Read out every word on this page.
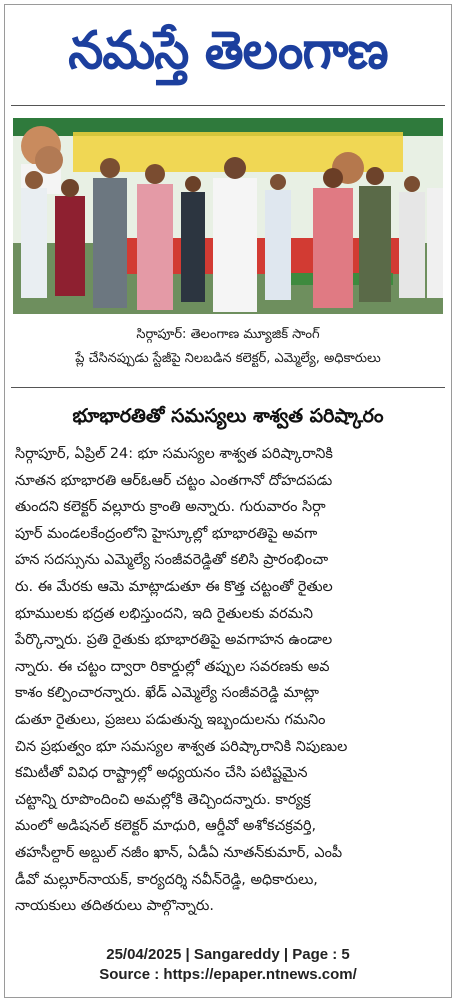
నమస్తే తెలంగాణ
సిర్గాపూర్: తెలంగాణ మ్యూజిక్ సాంగ్
ప్లే చేసినప్పుడు స్టేజీపై నిలబడిన కలెక్టర్, ఎమ్మెల్యే, అధికారులు
భూభారతితో సమస్యలు శాశ్వత పరిష్కారం
సిర్గాపూర్, ఏప్రిల్ 24: భూ సమస్యల శాశ్వత పరిష్కారానికి
నూతన భూభారతి ఆర్ఓఆర్ చట్టం ఎంతగానో దోహదపడు
తుందని కలెక్టర్ వల్లూరు క్రాంతి అన్నారు. గురువారం సిర్గా
పూర్ మండలకేంద్రంలోని హైస్కూల్లో భూభారతిపై అవగా
హన సదస్సును ఎమ్మెల్యే సంజీవరెడ్డితో కలిసి ప్రారంభించా
రు. ఈ మేరకు ఆమె మాట్లాడుతూ ఈ కొత్త చట్టంతో రైతుల
భూములకు భద్రత లభిస్తుందని, ఇది రైతులకు వరమని
పేర్కొన్నారు. ప్రతి రైతుకు భూభారతిపై అవగాహన ఉండాల
న్నారు. ఈ చట్టం ద్వారా రికార్డుల్లో తప్పుల సవరణకు అవ
కాశం కల్పించారన్నారు. ఖేడ్ ఎమ్మెల్యే సంజీవరెడ్డి మాట్లా
డుతూ రైతులు, ప్రజలు పడుతున్న ఇబ్బందులను గమనిం
చిన ప్రభుత్వం భూ సమస్యల శాశ్వత పరిష్కారానికి నిపుణుల
కమిటీతో వివిధ రాష్ట్రాల్లో అధ్యయనం చేసి పటిష్టమైన
చట్టాన్ని రూపొందించి అమల్లోకి తెచ్చిందన్నారు. కార్యక్ర
మంలో అడిషనల్ కలెక్టర్ మాధురి, ఆర్డీవో అశోకచక్రవర్తి,
తహసీల్దార్ అబ్దుల్ నజీం ఖాన్, ఏడీఏ నూతన్‌కుమార్, ఎంపీ
డీవో మల్లూర్‌నాయక్, కార్యదర్శి నవీన్‌రెడ్డి, అధికారులు,
నాయకులు తదితరులు పాల్గొన్నారు.
25/04/2025 | Sangareddy | Page : 5
Source : https://epaper.ntnews.com/
